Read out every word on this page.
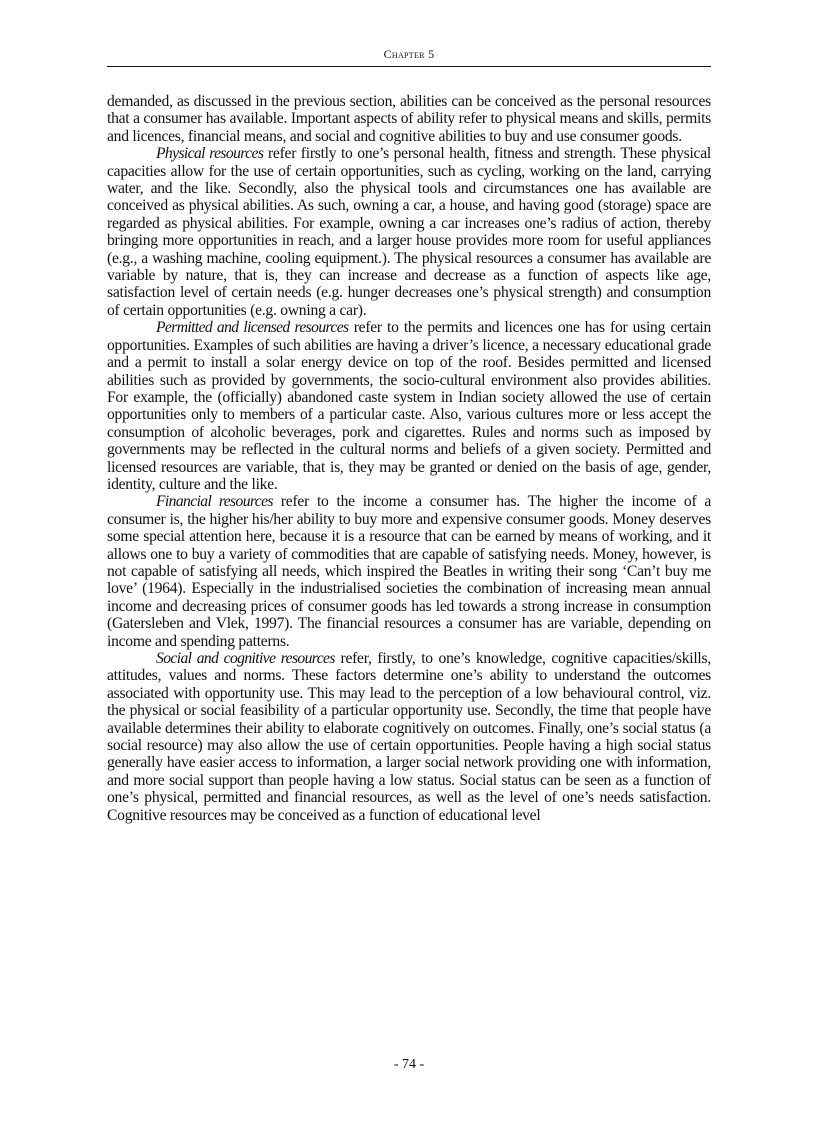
Chapter 5

demanded, as discussed in the previous section, abilities can be conceived as the personal resources that a consumer has available. Important aspects of ability refer to physical means and skills, permits and licences, financial means, and social and cognitive abilities to buy and use consumer goods.

Physical resources refer firstly to one’s personal health, fitness and strength. These physical capacities allow for the use of certain opportunities, such as cycling, working on the land, carrying water, and the like. Secondly, also the physical tools and circumstances one has available are conceived as physical abilities. As such, owning a car, a house, and having good (storage) space are regarded as physical abilities. For example, owning a car increases one’s radius of action, thereby bringing more opportunities in reach, and a larger house provides more room for useful appliances (e.g., a washing machine, cooling equipment.). The physical resources a consumer has available are variable by nature, that is, they can increase and decrease as a function of aspects like age, satisfaction level of certain needs (e.g. hunger decreases one’s physical strength) and consumption of certain opportunities (e.g. owning a car).

Permitted and licensed resources refer to the permits and licences one has for using certain opportunities. Examples of such abilities are having a driver’s licence, a necessary educational grade and a permit to install a solar energy device on top of the roof. Besides permitted and licensed abilities such as provided by governments, the socio-cultural environment also provides abilities. For example, the (officially) abandoned caste system in Indian society allowed the use of certain opportunities only to members of a particular caste. Also, various cultures more or less accept the consumption of alcoholic beverages, pork and cigarettes. Rules and norms such as imposed by governments may be reflected in the cultural norms and beliefs of a given society. Permitted and licensed resources are variable, that is, they may be granted or denied on the basis of age, gender, identity, culture and the like.

Financial resources refer to the income a consumer has. The higher the income of a consumer is, the higher his/her ability to buy more and expensive consumer goods. Money deserves some special attention here, because it is a resource that can be earned by means of working, and it allows one to buy a variety of commodities that are capable of satisfying needs. Money, however, is not capable of satisfying all needs, which inspired the Beatles in writing their song ‘Can’t buy me love’ (1964). Especially in the industrialised societies the combination of increasing mean annual income and decreasing prices of consumer goods has led towards a strong increase in consumption (Gatersleben and Vlek, 1997). The financial resources a consumer has are variable, depending on income and spending patterns.

Social and cognitive resources refer, firstly, to one’s knowledge, cognitive capacities/skills, attitudes, values and norms. These factors determine one’s ability to understand the outcomes associated with opportunity use. This may lead to the perception of a low behavioural control, viz. the physical or social feasibility of a particular opportunity use. Secondly, the time that people have available determines their ability to elaborate cognitively on outcomes. Finally, one’s social status (a social resource) may also allow the use of certain opportunities. People having a high social status generally have easier access to information, a larger social network providing one with information, and more social support than people having a low status. Social status can be seen as a function of one’s physical, permitted and financial resources, as well as the level of one’s needs satisfaction. Cognitive resources may be conceived as a function of educational level

- 74 -
